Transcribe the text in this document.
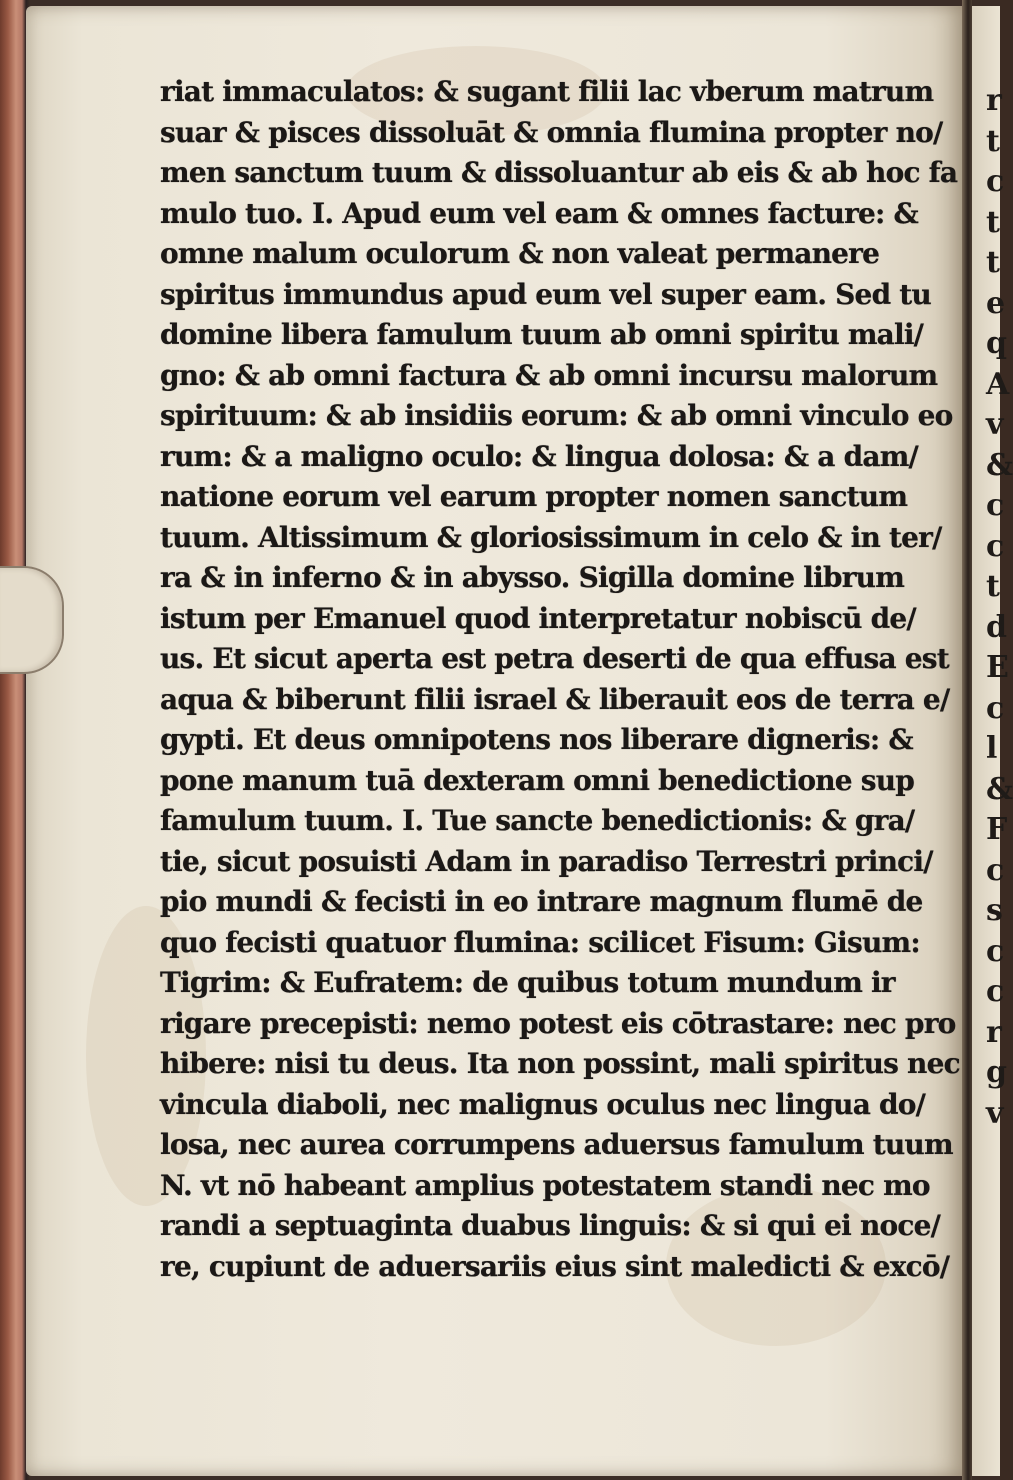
riat immaculatos: & sugant filii lac vberum matrum
suar & pisces dissoluāt & omnia flumina propter no/
men sanctum tuum & dissoluantur ab eis & ab hoc fa
mulo tuo. I. Apud eum vel eam & omnes facture: &
omne malum oculorum & non valeat permanere
spiritus immundus apud eum vel super eam. Sed tu
domine libera famulum tuum ab omni spiritu mali/
gno: & ab omni factura & ab omni incursu malorum
spirituum: & ab insidiis eorum: & ab omni vinculo eo
rum: & a maligno oculo: & lingua dolosa: & a dam/
natione eorum vel earum propter nomen sanctum
tuum. Altissimum & gloriosissimum in celo & in ter/
ra & in inferno & in abysso. Sigilla domine librum
istum per Emanuel quod interpretatur nobiscū de/
us. Et sicut aperta est petra deserti de qua effusa est
aqua & biberunt filii israel & liberauit eos de terra e/
gypti. Et deus omnipotens nos liberare digneris: &
pone manum tuā dexteram omni benedictione sup
famulum tuum. I. Tue sancte benedictionis: & gra/
tie, sicut posuisti Adam in paradiso Terrestri princi/
pio mundi & fecisti in eo intrare magnum flumē de
quo fecisti quatuor flumina: scilicet Fisum: Gisum:
Tigrim: & Eufratem: de quibus totum mundum ir
rigare precepisti: nemo potest eis cōtrastare: nec pro
hibere: nisi tu deus. Ita non possint, mali spiritus nec
vincula diaboli, nec malignus oculus nec lingua do/
losa, nec aurea corrumpens aduersus famulum tuum
N. vt nō habeant amplius potestatem standi nec mo
randi a septuaginta duabus linguis: & si qui ei noce/
re, cupiunt de aduersariis eius sint maledicti & excō/
r
t
c
t
t
e
q
A
v
&
c
c
t
d
E
c
l
&
F
c
s
c
c
r
g
v
